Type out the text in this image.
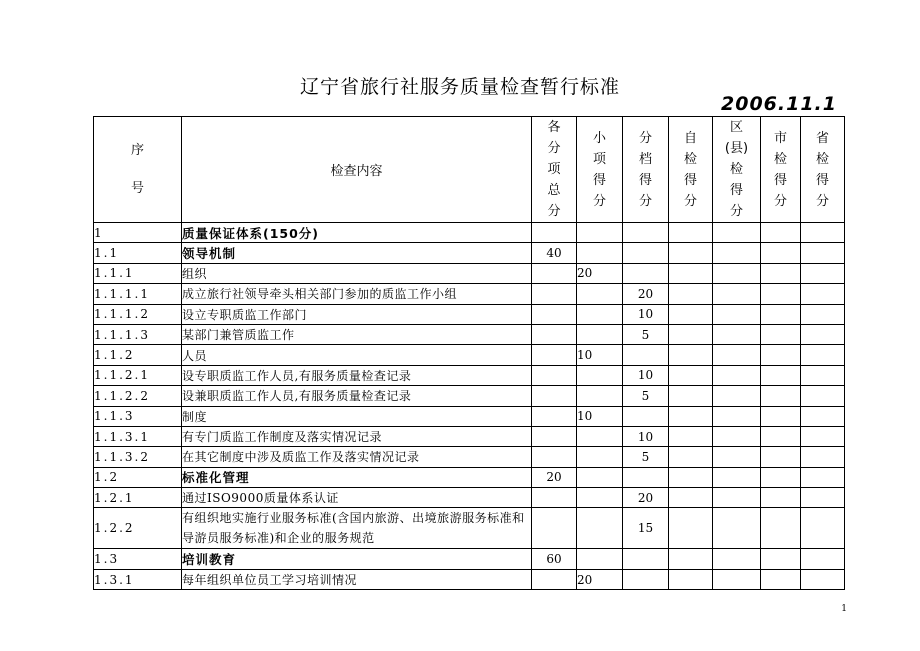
辽宁省旅行社服务质量检查暂行标准
2006.11.1
序
号	检查内容	各
分
项
总
分	小
项
得
分	分
档
得
分	自
检
得
分	区
(县)
检
得
分	市
检
得
分	省
检
得
分

1	质量保证体系(150分)							
1.1	领导机制	40						
1.1.1	组织		20					
1.1.1.1	成立旅行社领导牵头相关部门参加的质监工作小组			20				
1.1.1.2	设立专职质监工作部门			10				
1.1.1.3	某部门兼管质监工作			5				
1.1.2	人员		10					
1.1.2.1	设专职质监工作人员,有服务质量检查记录			10				
1.1.2.2	设兼职质监工作人员,有服务质量检查记录			5				
1.1.3	制度		10					
1.1.3.1	有专门质监工作制度及落实情况记录			10				
1.1.3.2	在其它制度中涉及质监工作及落实情况记录			5				
1.2	标准化管理	20						
1.2.1	通过ISO9000质量体系认证			20				
1.2.2	有组织地实施行业服务标准(含国内旅游、出境旅游服务标准和导游员服务标准)和企业的服务规范			15				
1.3	培训教育	60						
1.3.1	每年组织单位员工学习培训情况		20					
1
